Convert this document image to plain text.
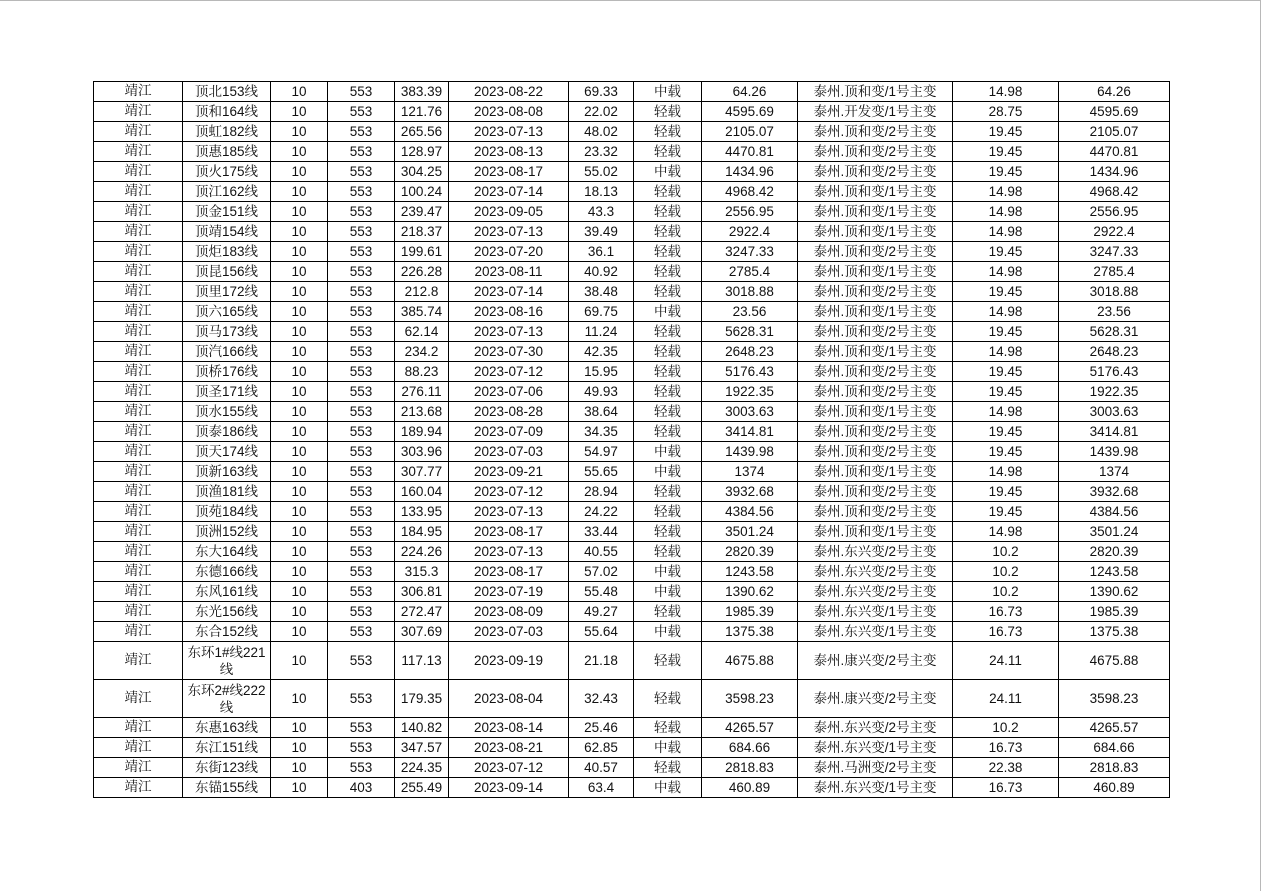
靖江	顶北153线	10	553	383.39	2023-08-22	69.33	中载	64.26	泰州.顶和变/1号主变	14.98	64.26
靖江	顶和164线	10	553	121.76	2023-08-08	22.02	轻载	4595.69	泰州.开发变/1号主变	28.75	4595.69
靖江	顶虹182线	10	553	265.56	2023-07-13	48.02	轻载	2105.07	泰州.顶和变/2号主变	19.45	2105.07
靖江	顶惠185线	10	553	128.97	2023-08-13	23.32	轻载	4470.81	泰州.顶和变/2号主变	19.45	4470.81
靖江	顶火175线	10	553	304.25	2023-08-17	55.02	中载	1434.96	泰州.顶和变/2号主变	19.45	1434.96
靖江	顶江162线	10	553	100.24	2023-07-14	18.13	轻载	4968.42	泰州.顶和变/1号主变	14.98	4968.42
靖江	顶金151线	10	553	239.47	2023-09-05	43.3	轻载	2556.95	泰州.顶和变/1号主变	14.98	2556.95
靖江	顶靖154线	10	553	218.37	2023-07-13	39.49	轻载	2922.4	泰州.顶和变/1号主变	14.98	2922.4
靖江	顶炬183线	10	553	199.61	2023-07-20	36.1	轻载	3247.33	泰州.顶和变/2号主变	19.45	3247.33
靖江	顶昆156线	10	553	226.28	2023-08-11	40.92	轻载	2785.4	泰州.顶和变/1号主变	14.98	2785.4
靖江	顶里172线	10	553	212.8	2023-07-14	38.48	轻载	3018.88	泰州.顶和变/2号主变	19.45	3018.88
靖江	顶六165线	10	553	385.74	2023-08-16	69.75	中载	23.56	泰州.顶和变/1号主变	14.98	23.56
靖江	顶马173线	10	553	62.14	2023-07-13	11.24	轻载	5628.31	泰州.顶和变/2号主变	19.45	5628.31
靖江	顶汽166线	10	553	234.2	2023-07-30	42.35	轻载	2648.23	泰州.顶和变/1号主变	14.98	2648.23
靖江	顶桥176线	10	553	88.23	2023-07-12	15.95	轻载	5176.43	泰州.顶和变/2号主变	19.45	5176.43
靖江	顶圣171线	10	553	276.11	2023-07-06	49.93	轻载	1922.35	泰州.顶和变/2号主变	19.45	1922.35
靖江	顶水155线	10	553	213.68	2023-08-28	38.64	轻载	3003.63	泰州.顶和变/1号主变	14.98	3003.63
靖江	顶泰186线	10	553	189.94	2023-07-09	34.35	轻载	3414.81	泰州.顶和变/2号主变	19.45	3414.81
靖江	顶天174线	10	553	303.96	2023-07-03	54.97	中载	1439.98	泰州.顶和变/2号主变	19.45	1439.98
靖江	顶新163线	10	553	307.77	2023-09-21	55.65	中载	1374	泰州.顶和变/1号主变	14.98	1374
靖江	顶渔181线	10	553	160.04	2023-07-12	28.94	轻载	3932.68	泰州.顶和变/2号主变	19.45	3932.68
靖江	顶苑184线	10	553	133.95	2023-07-13	24.22	轻载	4384.56	泰州.顶和变/2号主变	19.45	4384.56
靖江	顶洲152线	10	553	184.95	2023-08-17	33.44	轻载	3501.24	泰州.顶和变/1号主变	14.98	3501.24
靖江	东大164线	10	553	224.26	2023-07-13	40.55	轻载	2820.39	泰州.东兴变/2号主变	10.2	2820.39
靖江	东德166线	10	553	315.3	2023-08-17	57.02	中载	1243.58	泰州.东兴变/2号主变	10.2	1243.58
靖江	东风161线	10	553	306.81	2023-07-19	55.48	中载	1390.62	泰州.东兴变/2号主变	10.2	1390.62
靖江	东光156线	10	553	272.47	2023-08-09	49.27	轻载	1985.39	泰州.东兴变/1号主变	16.73	1985.39
靖江	东合152线	10	553	307.69	2023-07-03	55.64	中载	1375.38	泰州.东兴变/1号主变	16.73	1375.38
靖江	东环1#线221线	10	553	117.13	2023-09-19	21.18	轻载	4675.88	泰州.康兴变/2号主变	24.11	4675.88
靖江	东环2#线222线	10	553	179.35	2023-08-04	32.43	轻载	3598.23	泰州.康兴变/2号主变	24.11	3598.23
靖江	东惠163线	10	553	140.82	2023-08-14	25.46	轻载	4265.57	泰州.东兴变/2号主变	10.2	4265.57
靖江	东江151线	10	553	347.57	2023-08-21	62.85	中载	684.66	泰州.东兴变/1号主变	16.73	684.66
靖江	东街123线	10	553	224.35	2023-07-12	40.57	轻载	2818.83	泰州.马洲变/2号主变	22.38	2818.83
靖江	东锚155线	10	403	255.49	2023-09-14	63.4	中载	460.89	泰州.东兴变/1号主变	16.73	460.89
